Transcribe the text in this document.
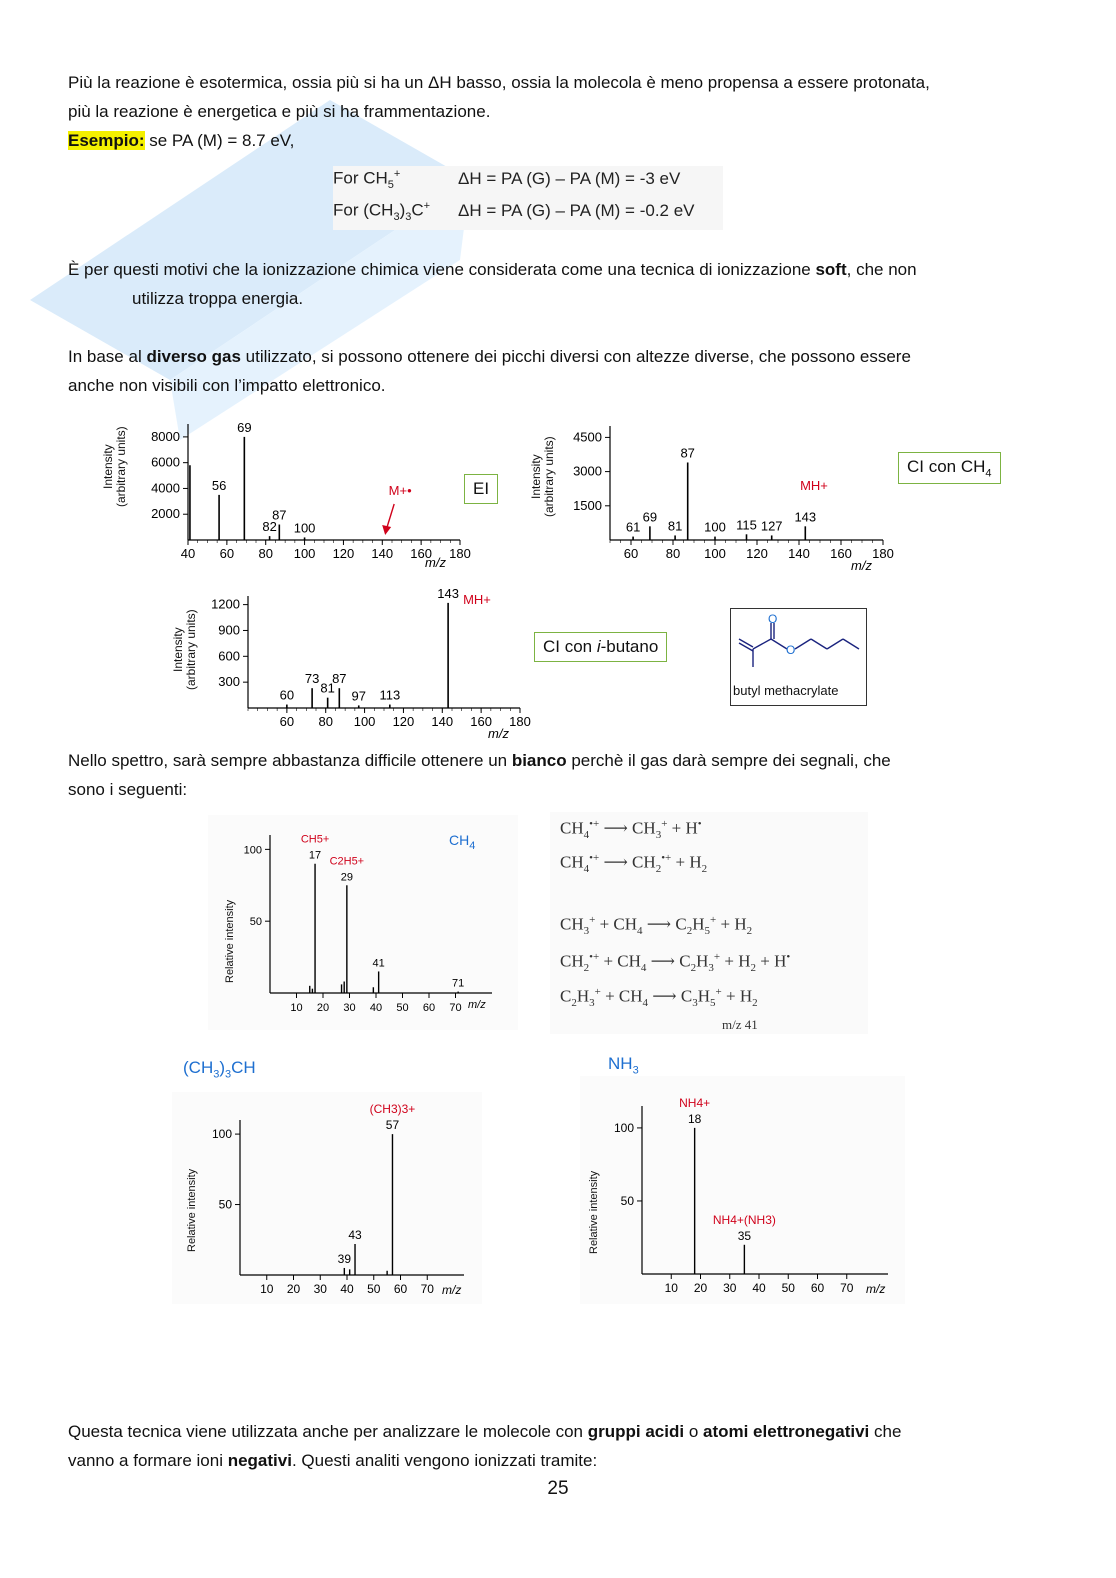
Più la reazione è esotermica, ossia più si ha un ΔH basso, ossia la molecola è meno propensa a essere protonata,
più la reazione è energetica e più si ha frammentazione.
Esempio: se PA (M) = 8.7 eV,

For $CH_5^+$	ΔH = PA (G) – PA (M) = -3 eV
For $(CH_3)_3C^+$ ΔH = PA (G) – PA (M) = -0.2 eV

È per questi motivi che la ionizzazione chimica viene considerata come una tecnica di ionizzazione soft, che non
utilizza troppa energia.

In base al diverso gas utilizzato, si possono ottenere dei picchi diversi con altezze diverse, che possono essere
anche non visibili con l’impatto elettronico.

Intensity
(arbitrary units)
40 60 80 100 120 140 160 180
2000
4000
6000
8000
56
69
82
87
100
m/z
M+•	EI	Intensity
(arbitrary units)
60 80 100 120 140 160 180
1500
3000
4500
61
69
81
87
100 115 127
143
m/z
MH+
CI con $CH_4$
Intensity
(arbitrary units)
60 80 100 120 140 160 180
300
600
900
1200
60
73
81
87
97 113
143
m/z
MH+
CI con i-butano
O
O
butyl methacrylate

Nello spettro, sarà sempre abbastanza difficile ottenere un bianco perchè il gas darà sempre dei segnali, che
sono i seguenti:

Relative intensity
10 20 30 40 50 60 70
50
100	17
CH5+
29
C2H5+
41
71
m/z
$CH_4$
$CH_4^{•+}$ ⟶ $CH_3^+ + H^•$
$CH_4^{•+}$ ⟶ $CH_2^{•+} + H_2$
$CH_3^+ + CH_4$ ⟶ $C_2H_5^+ + H_2$
$CH_2^{•+} + CH_4$ ⟶ $C_2H_3^+ + H_2 + H^•$
$C_2H_3^+ + CH_4$ ⟶ $C_3H_5^+ + H_2$
m/z 41
$(CH_3)_3CH$	$NH_3$
Relative intensity
10 20 30 40 50 60 70
50
100
39
43
57
(CH3)3+
m/z
Relative intensity
10 20 30 40 50 60 70
50
100
18
NH4+
35
NH4+(NH3)
m/z

Questa tecnica viene utilizzata anche per analizzare le molecole con gruppi acidi o atomi elettronegativi che
vanno a formare ioni negativi. Questi analiti vengono ionizzati tramite:

25
